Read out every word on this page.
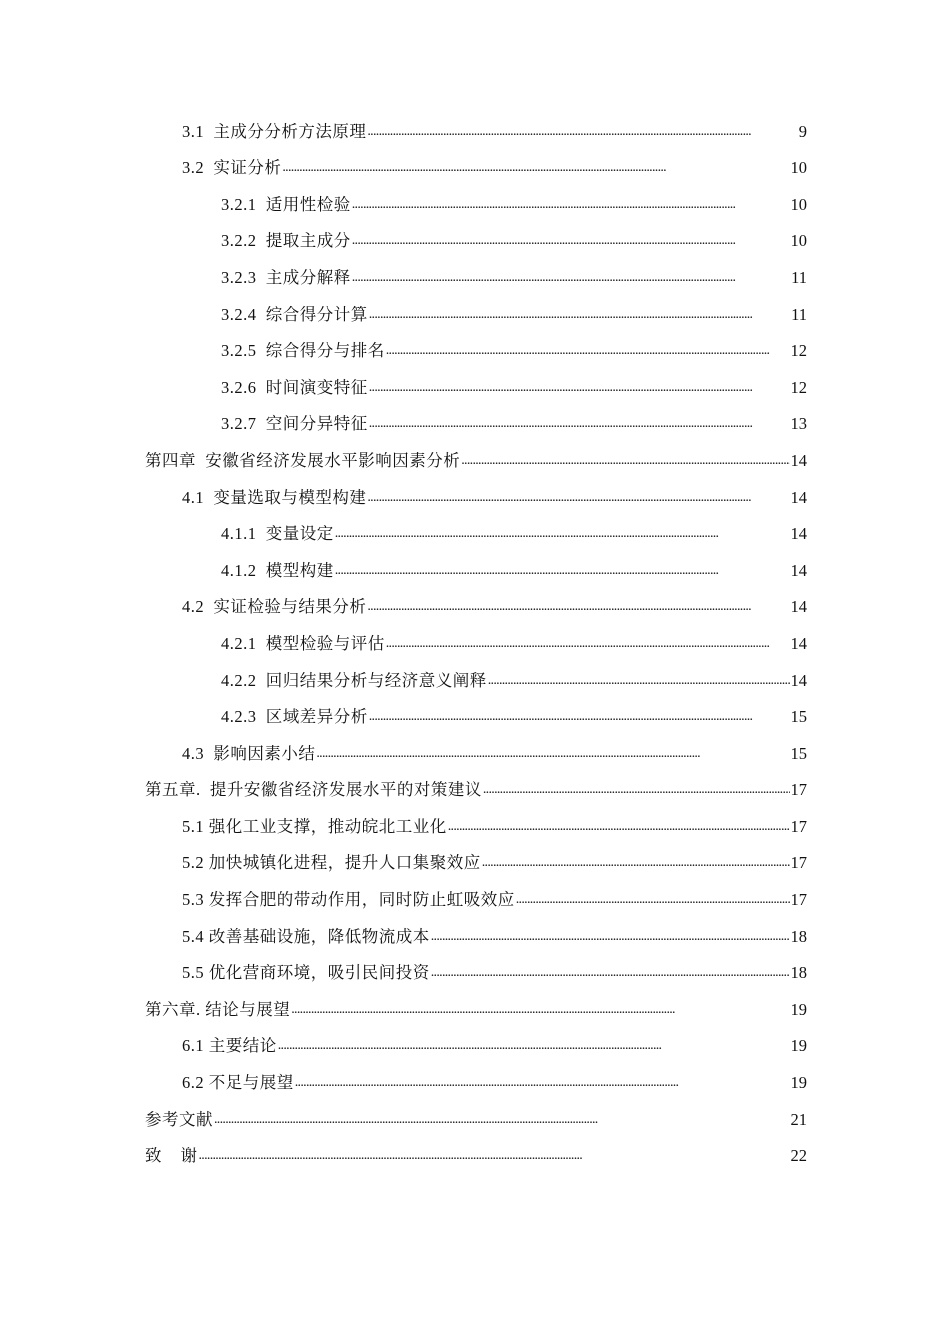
3.1  主成分分析方法原理 . . .	9
3.2  实证分析 . . .	10
3.2.1  适用性检验 . . .	10
3.2.2  提取主成分 . . .	10
3.2.3  主成分解释 . . .	11
3.2.4  综合得分计算 . . .	11
3.2.5  综合得分与排名 . . .	12
3.2.6  时间演变特征 . . .	12
3.2.7  空间分异特征 . . .	13
第四章  安徽省经济发展水平影响因素分析 . . .	14
4.1  变量选取与模型构建 . . .	14
4.1.1  变量设定 . . .	14
4.1.2  模型构建 . . .	14
4.2  实证检验与结果分析 . . .	14
4.2.1  模型检验与评估 . . .	14
4.2.2  回归结果分析与经济意义阐释 . . .	14
4.2.3  区域差异分析 . . .	15
4.3  影响因素小结 . . .	15
第五章.  提升安徽省经济发展水平的对策建议 . . .	17
5.1 强化工业支撑，推动皖北工业化 . . .	17
5.2 加快城镇化进程，提升人口集聚效应 . . .	17
5.3 发挥合肥的带动作用，同时防止虹吸效应 . . .	17
5.4 改善基础设施，降低物流成本 . . .	18
5.5 优化营商环境，吸引民间投资 . . .	18
第六章. 结论与展望 . . .	19
6.1 主要结论 . . .	19
6.2 不足与展望 . . .	19
参考文献 . . .	21
致    谢 . . .	22
